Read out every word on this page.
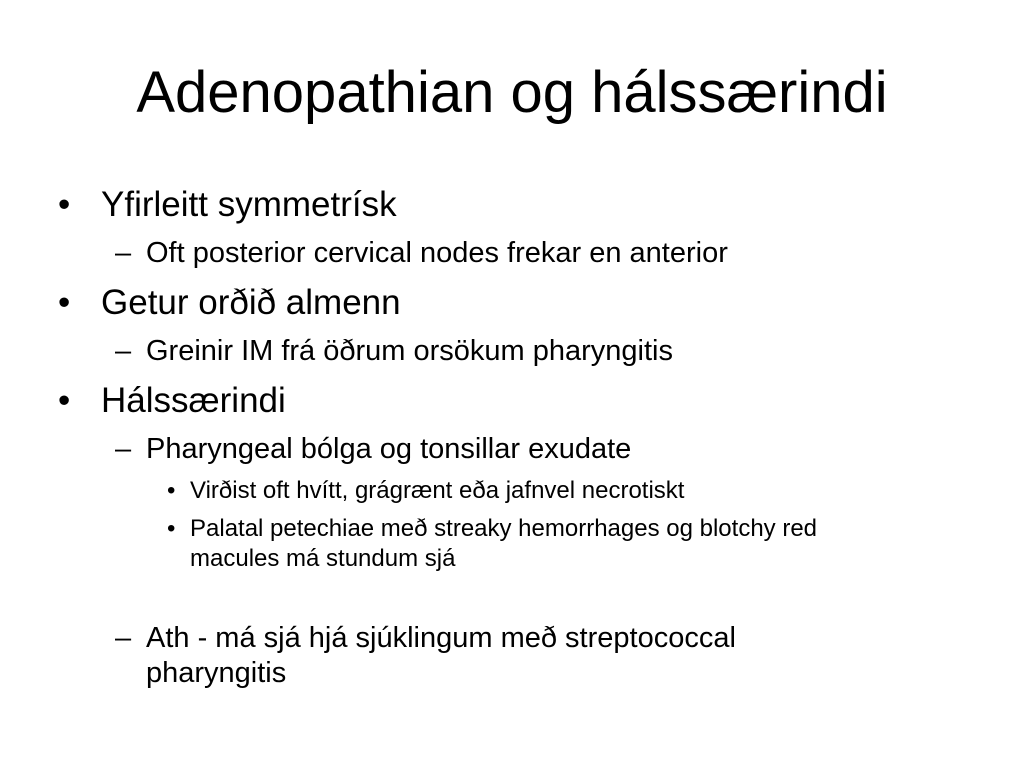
Adenopathian og hálssærindi
• Yfirleitt symmetrísk
– Oft posterior cervical nodes frekar en anterior
• Getur orðið almenn
– Greinir IM frá öðrum orsökum pharyngitis
• Hálssærindi
– Pharyngeal bólga og tonsillar exudate
• Virðist oft hvítt, grágrænt eða jafnvel necrotiskt
• Palatal petechiae með streaky hemorrhages og blotchy red
macules má stundum sjá
– Ath - má sjá hjá sjúklingum með streptococcal
pharyngitis
